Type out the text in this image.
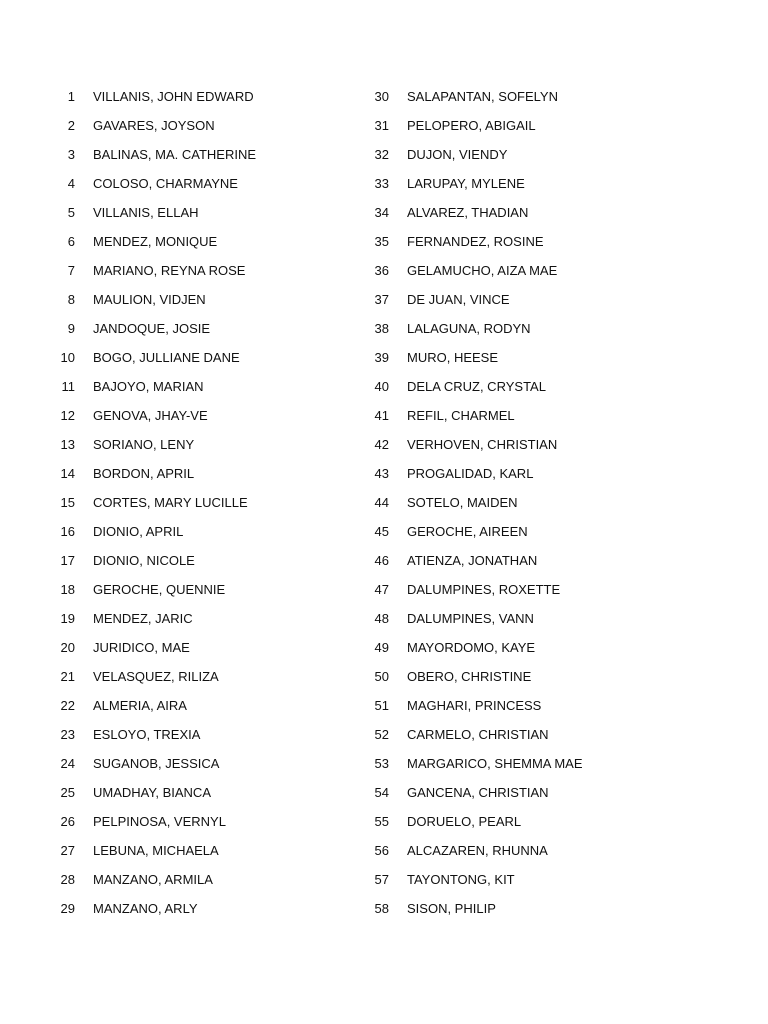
1	VILLANIS, JOHN EDWARD
2	GAVARES, JOYSON
3	BALINAS, MA. CATHERINE
4	COLOSO, CHARMAYNE
5	VILLANIS, ELLAH
6	MENDEZ, MONIQUE
7	MARIANO, REYNA ROSE
8	MAULION, VIDJEN
9	JANDOQUE, JOSIE
10	BOGO, JULLIANE DANE
11	BAJOYO, MARIAN
12	GENOVA, JHAY-VE
13	SORIANO, LENY
14	BORDON, APRIL
15	CORTES, MARY LUCILLE
16	DIONIO, APRIL
17	DIONIO, NICOLE
18	GEROCHE, QUENNIE
19	MENDEZ, JARIC
20	JURIDICO, MAE
21	VELASQUEZ, RILIZA
22	ALMERIA, AIRA
23	ESLOYO, TREXIA
24	SUGANOB, JESSICA
25	UMADHAY, BIANCA
26	PELPINOSA, VERNYL
27	LEBUNA, MICHAELA
28	MANZANO, ARMILA
29	MANZANO, ARLY
30	SALAPANTAN, SOFELYN
31	PELOPERO, ABIGAIL
32	DUJON, VIENDY
33	LARUPAY, MYLENE
34	ALVAREZ, THADIAN
35	FERNANDEZ, ROSINE
36	GELAMUCHO, AIZA MAE
37	DE JUAN, VINCE
38	LALAGUNA, RODYN
39	MURO, HEESE
40	DELA CRUZ, CRYSTAL
41	REFIL, CHARMEL
42	VERHOVEN, CHRISTIAN
43	PROGALIDAD, KARL
44	SOTELO, MAIDEN
45	GEROCHE, AIREEN
46	ATIENZA, JONATHAN
47	DALUMPINES, ROXETTE
48	DALUMPINES, VANN
49	MAYORDOMO, KAYE
50	OBERO, CHRISTINE
51	MAGHARI, PRINCESS
52	CARMELO, CHRISTIAN
53	MARGARICO, SHEMMA MAE
54	GANCENA, CHRISTIAN
55	DORUELO, PEARL
56	ALCAZAREN, RHUNNA
57	TAYONTONG, KIT
58	SISON, PHILIP
